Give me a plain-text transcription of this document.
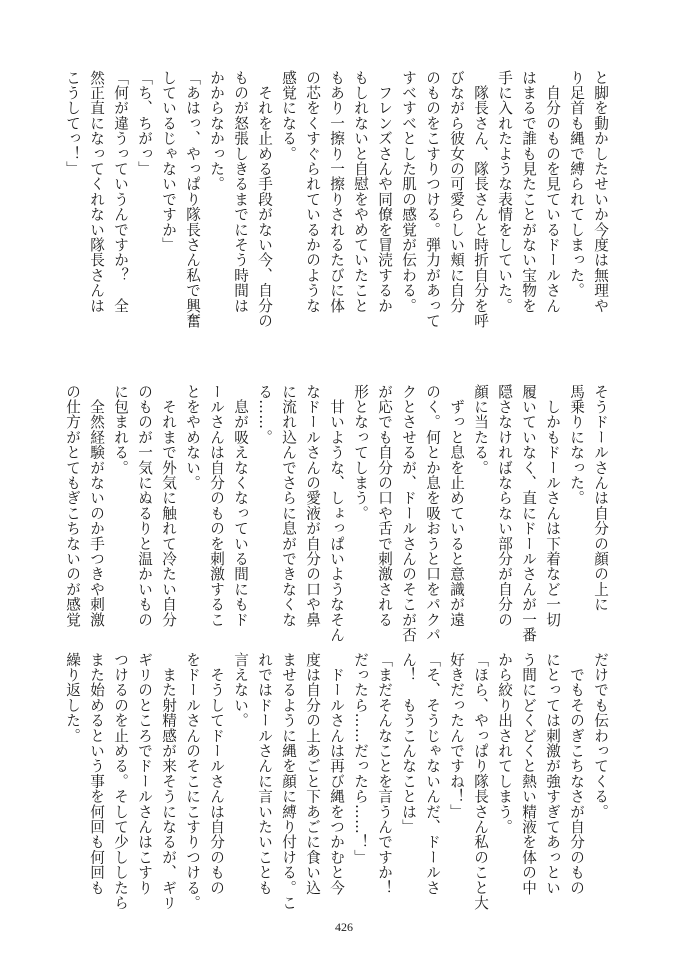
と脚を動かしたせいか今度は無理や

り足首も縄で縛られてしまった。

　自分のものを見ているドールさん

はまるで誰も見たことがない宝物を

手に入れたような表情をしていた。

　隊長さん、隊長さんと時折自分を呼

びながら彼女の可愛らしい頬に自分

のものをこすりつける。弾力があって

すべすべとした肌の感覚が伝わる。

　フレンズさんや同僚を冒涜するか

もしれないと自慰をやめていたこと

もあり一擦り一擦りされるたびに体

の芯をくすぐられているかのような

感覚になる。

　それを止める手段がない今、自分の

ものが怒張しきるまでにそう時間は

かからなかった。

「あはっ、やっぱり隊長さん私で興奮

しているじゃないですか」

「ち、ちがっ」

「何が違うっていうんですか？　全

然正直になってくれない隊長さんは

こうしてっ！」

そうドールさんは自分の顔の上に

馬乗りになった。

　しかもドールさんは下着など一切

履いていなく、直にドールさんが一番

隠さなければならない部分が自分の

顔に当たる。

　ずっと息を止めていると意識が遠

のく。何とか息を吸おうと口をパクパ

クとさせるが、ドールさんのそこが否

が応でも自分の口や舌で刺激される

形となってしまう。

　甘いような、しょっぱいようなそん

なドールさんの愛液が自分の口や鼻

に流れ込んでさらに息ができなくな

る……。

　息が吸えなくなっている間にもド

ールさんは自分のものを刺激するこ

とをやめない。

　それまで外気に触れて冷たい自分

のものが一気にぬるりと温かいもの

に包まれる。

　全然経験がないのか手つきや刺激

の仕方がとてもぎこちないのが感覚

だけでも伝わってくる。

　でもそのぎこちなさが自分のもの

にとっては刺激が強すぎてあっとい

う間にどくどくと熱い精液を体の中

から絞り出されてしまう。

「ほら、やっぱり隊長さん私のこと大

好きだったんですね！」

「そ、そうじゃないんだ、ドールさ

ん！　もうこんなことは」

「まだそんなことを言うんですか！

だったら……だったら……！」

　ドールさんは再び縄をつかむと今

度は自分の上あごと下あごに食い込

ませるように縄を顔に縛り付ける。こ

れではドールさんに言いたいことも

言えない。

　そうしてドールさんは自分のもの

をドールさんのそこにこすりつける。

　また射精感が来そうになるが、ギリ

ギリのところでドールさんはこすり

つけるのを止める。そして少ししたら

また始めるという事を何回も何回も

繰り返した。

426
